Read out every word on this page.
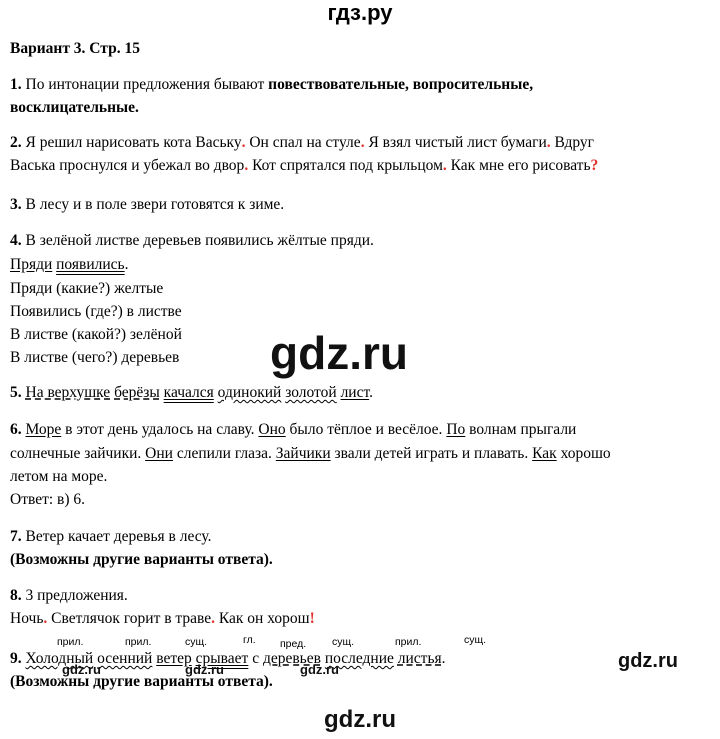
гдз.ру
Вариант 3. Стр. 15
1. По интонации предложения бывают повествовательные, вопросительные,
восклицательные.
2. Я решил нарисовать кота Ваську. Он спал на стуле. Я взял чистый лист бумаги. Вдруг
Васька проснулся и убежал во двор. Кот спрятался под крыльцом. Как мне его рисовать?
3. В лесу и в поле звери готовятся к зиме.
4. В зелёной листве деревьев появились жёлтые пряди.
Пряди появились.
Пряди (какие?) желтые
Появились (где?) в листве
В листве (какой?) зелёной
В листве (чего?) деревьев gdz.ru
5. На верхушке берёзы качался одинокий золотой лист.
6. Море в этот день удалось на славу. Оно было тёплое и весёлое. По волнам прыгали
солнечные зайчики. Они слепили глаза. Зайчики звали детей играть и плавать. Как хорошо
летом на море.
Ответ: в) 6.
7. Ветер качает деревья в лесу.
(Возможны другие варианты ответа).
8. 3 предложения.
Ночь. Светлячок горит в траве. Как он хорош!
прил.	прил.	сущ.	гл. пред. сущ.	прил.	сущ.
9. Холодный осенний ветер срывает с деревьев последние листья.
gdz.ru	gdz.ru	gdz.ru	gdz.ru
(Возможны другие варианты ответа).
gdz.ru
